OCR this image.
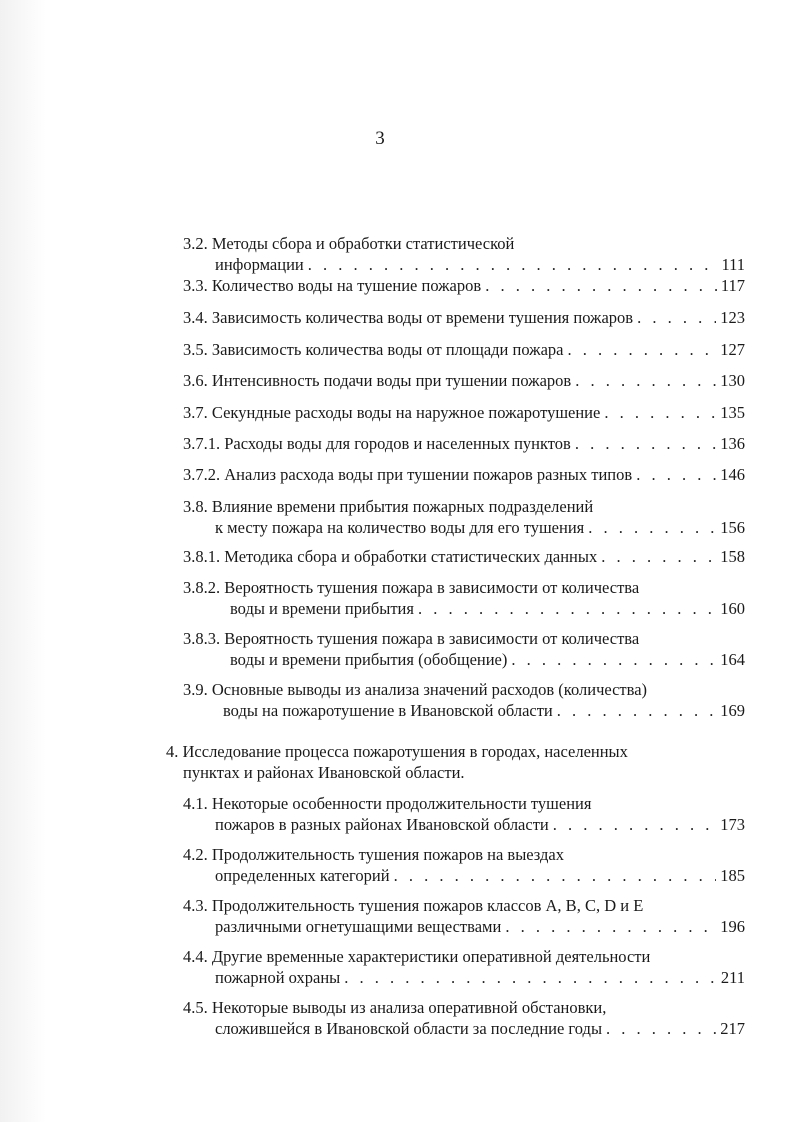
3
3.2. Методы сбора и обработки статистической
информации . . .	111
3.3. Количество воды на тушение пожаров . . .	117
3.4. Зависимость количества воды от времени тушения пожаров . . .	123
3.5. Зависимость количества воды от площади пожара . . .	127
3.6. Интенсивность подачи воды при тушении пожаров . . .	130
3.7. Секундные расходы воды на наружное пожаротушение . . .	135
3.7.1. Расходы воды для городов и населенных пунктов . . .	136
3.7.2. Анализ расхода воды при тушении пожаров разных типов . . .	146
3.8. Влияние времени прибытия пожарных подразделений
к месту пожара на количество воды для его тушения . . .	156
3.8.1. Методика сбора и обработки статистических данных . . .	158
3.8.2. Вероятность тушения пожара в зависимости от количества
воды и времени прибытия . . .	160
3.8.3. Вероятность тушения пожара в зависимости от количества
воды и времени прибытия (обобщение) . . .	164
3.9. Основные выводы из анализа значений расходов (количества)
воды на пожаротушение в Ивановской области . . .	169
4. Исследование процесса пожаротушения в городах, населенных
пунктах и районах Ивановской области.
4.1. Некоторые особенности продолжительности тушения
пожаров в разных районах Ивановской области . . .	173
4.2. Продолжительность тушения пожаров на выездах
определенных категорий . . .	185
4.3. Продолжительность тушения пожаров классов A, B, C, D и E
различными огнетушащими веществами . . .	196
4.4. Другие временные характеристики оперативной деятельности
пожарной охраны . . .	211
4.5. Некоторые выводы из анализа оперативной обстановки,
сложившейся в Ивановской области за последние годы . . .	217
